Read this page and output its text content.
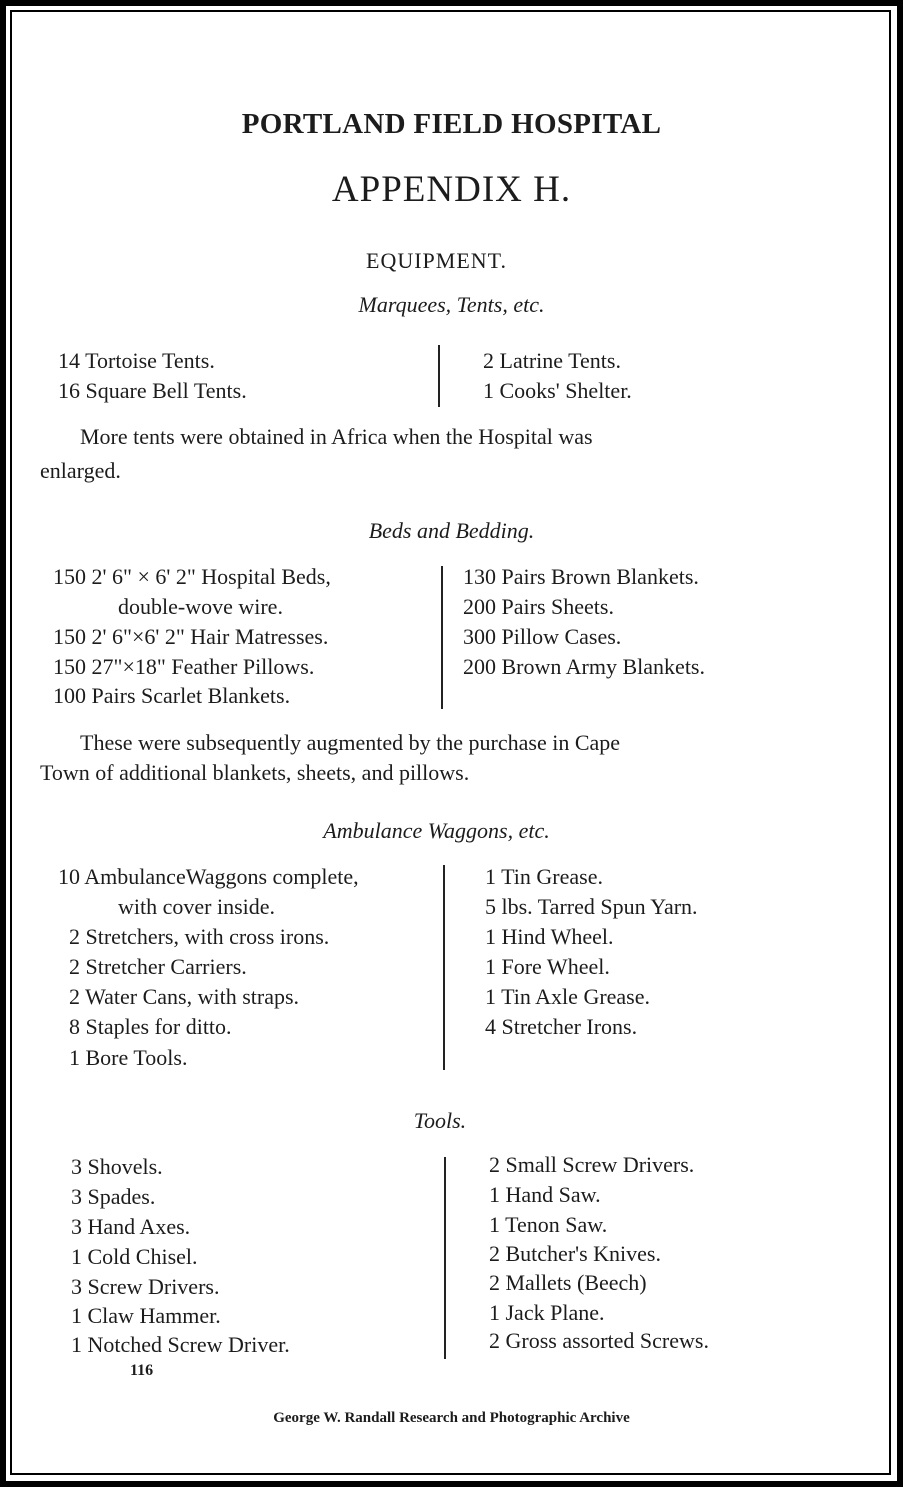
PORTLAND FIELD HOSPITAL
APPENDIX H.
EQUIPMENT.
Marquees, Tents, etc.
14 Tortoise Tents.
16 Square Bell Tents.
2 Latrine Tents.
1 Cooks' Shelter.
More tents were obtained in Africa when the Hospital was
enlarged.
Beds and Bedding.
150 2' 6" × 6' 2" Hospital Beds,
double-wove wire.
150 2' 6"×6' 2" Hair Matresses.
150 27"×18" Feather Pillows.
100 Pairs Scarlet Blankets.
130 Pairs Brown Blankets.
200 Pairs Sheets.
300 Pillow Cases.
200 Brown Army Blankets.
These were subsequently augmented by the purchase in Cape
Town of additional blankets, sheets, and pillows.
Ambulance Waggons, etc.
10 AmbulanceWaggons complete,
with cover inside.
2 Stretchers, with cross irons.
2 Stretcher Carriers.
2 Water Cans, with straps.
8 Staples for ditto.
1 Bore Tools.
1 Tin Grease.
5 lbs. Tarred Spun Yarn.
1 Hind Wheel.
1 Fore Wheel.
1 Tin Axle Grease.
4 Stretcher Irons.
Tools.
3 Shovels.
3 Spades.
3 Hand Axes.
1 Cold Chisel.
3 Screw Drivers.
1 Claw Hammer.
1 Notched Screw Driver.
2 Small Screw Drivers.
1 Hand Saw.
1 Tenon Saw.
2 Butcher's Knives.
2 Mallets (Beech)
1 Jack Plane.
2 Gross assorted Screws.
116
George W. Randall Research and Photographic Archive
